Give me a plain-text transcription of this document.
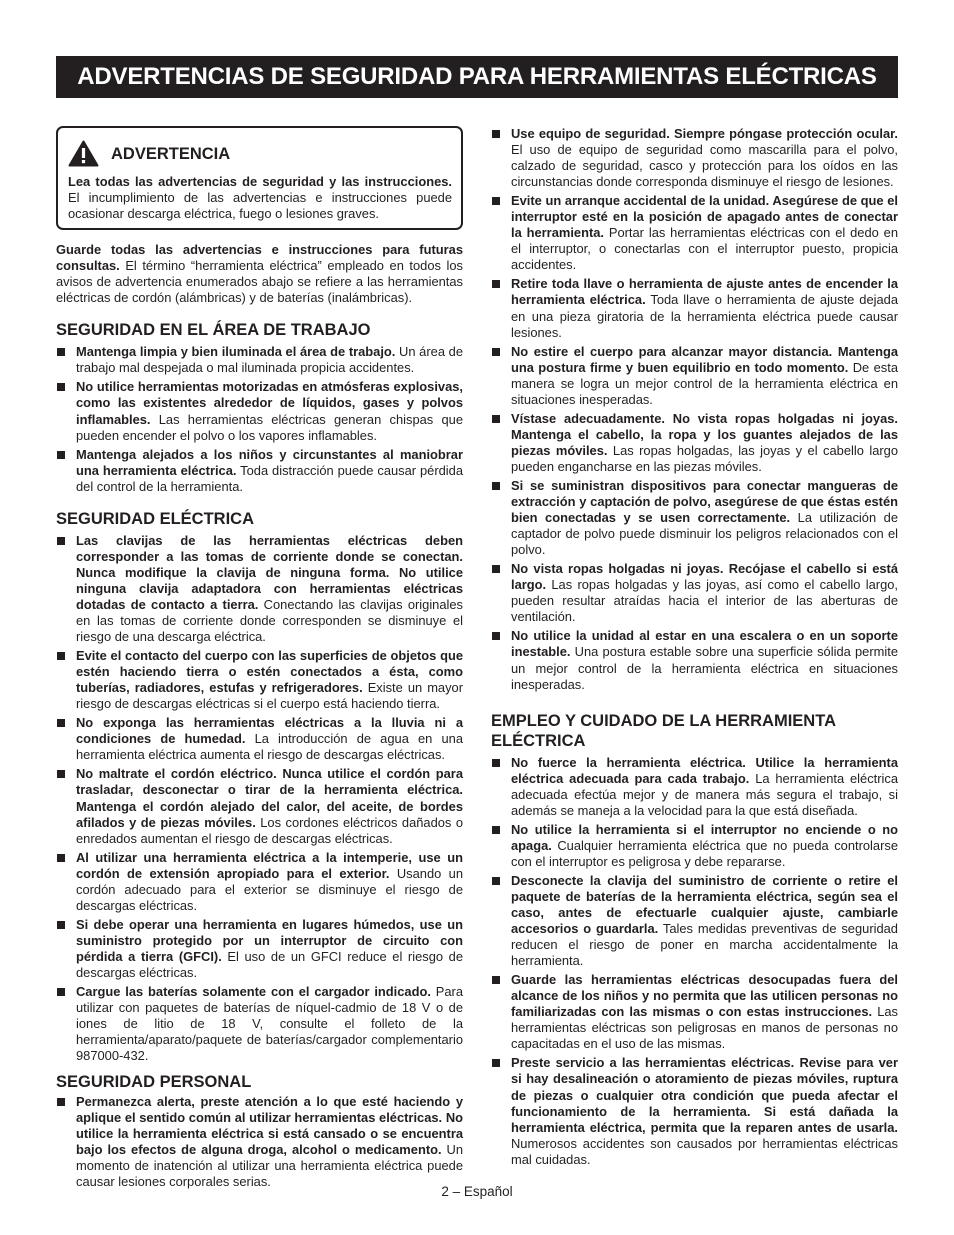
ADVERTENCIAS DE SEGURIDAD PARA HERRAMIENTAS ELÉCTRICAS
ADVERTENCIA

Lea todas las advertencias de seguridad y las instrucciones. El incumplimiento de las advertencias e instrucciones puede ocasionar descarga eléctrica, fuego o lesiones graves.

Guarde todas las advertencias e instrucciones para futuras consultas. El término “herramienta eléctrica” empleado en todos los avisos de advertencia enumerados abajo se refiere a las herramientas eléctricas de cordón (alámbricas) y de baterías (inalámbricas).

SEGURIDAD EN EL ÁREA DE TRABAJO
Mantenga limpia y bien iluminada el área de trabajo. Un área de trabajo mal despejada o mal iluminada propicia accidentes.
No utilice herramientas motorizadas en atmósferas explosivas, como las existentes alrededor de líquidos, gases y polvos inflamables. Las herramientas eléctricas generan chispas que pueden encender el polvo o los vapores inflamables.
Mantenga alejados a los niños y circunstantes al maniobrar una herramienta eléctrica. Toda distracción puede causar pérdida del control de la herramienta.
SEGURIDAD ELÉCTRICA
Las clavijas de las herramientas eléctricas deben corresponder a las tomas de corriente donde se conectan. Nunca modifique la clavija de ninguna forma. No utilice ninguna clavija adaptadora con herramientas eléctricas dotadas de contacto a tierra. Conectando las clavijas originales en las tomas de corriente donde corresponden se disminuye el riesgo de una descarga eléctrica.
Evite el contacto del cuerpo con las superficies de objetos que estén haciendo tierra o estén conectados a ésta, como tuberías, radiadores, estufas y refrigeradores. Existe un mayor riesgo de descargas eléctricas si el cuerpo está haciendo tierra.
No exponga las herramientas eléctricas a la lluvia ni a condiciones de humedad. La introducción de agua en una herramienta eléctrica aumenta el riesgo de descargas eléctricas.
No maltrate el cordón eléctrico. Nunca utilice el cordón para trasladar, desconectar o tirar de la herramienta eléctrica. Mantenga el cordón alejado del calor, del aceite, de bordes afilados y de piezas móviles. Los cordones eléctricos dañados o enredados aumentan el riesgo de descargas eléctricas.
Al utilizar una herramienta eléctrica a la intemperie, use un cordón de extensión apropiado para el exterior. Usando un cordón adecuado para el exterior se disminuye el riesgo de descargas eléctricas.
Si debe operar una herramienta en lugares húmedos, use un suministro protegido por un interruptor de circuito con pérdida a tierra (GFCI). El uso de un GFCI reduce el riesgo de descargas eléctricas.
Cargue las baterías solamente con el cargador indicado. Para utilizar con paquetes de baterías de níquel-cadmio de 18 V o de iones de litio de 18 V, consulte el folleto de la herramienta/aparato/paquete de baterías/cargador complementario 987000-432.
SEGURIDAD PERSONAL
Permanezca alerta, preste atención a lo que esté haciendo y aplique el sentido común al utilizar herramientas eléctricas. No utilice la herramienta eléctrica si está cansado o se encuentra bajo los efectos de alguna droga, alcohol o medicamento. Un momento de inatención al utilizar una herramienta eléctrica puede causar lesiones corporales serias.
Use equipo de seguridad. Siempre póngase protección ocular. El uso de equipo de seguridad como mascarilla para el polvo, calzado de seguridad, casco y protección para los oídos en las circunstancias donde corresponda disminuye el riesgo de lesiones.
Evite un arranque accidental de la unidad. Asegúrese de que el interruptor esté en la posición de apagado antes de conectar la herramienta. Portar las herramientas eléctricas con el dedo en el interruptor, o conectarlas con el interruptor puesto, propicia accidentes.
Retire toda llave o herramienta de ajuste antes de encender la herramienta eléctrica. Toda llave o herramienta de ajuste dejada en una pieza giratoria de la herramienta eléctrica puede causar lesiones.
No estire el cuerpo para alcanzar mayor distancia. Mantenga una postura firme y buen equilibrio en todo momento. De esta manera se logra un mejor control de la herramienta eléctrica en situaciones inesperadas.
Vístase adecuadamente. No vista ropas holgadas ni joyas. Mantenga el cabello, la ropa y los guantes alejados de las piezas móviles. Las ropas holgadas, las joyas y el cabello largo pueden engancharse en las piezas móviles.
Si se suministran dispositivos para conectar mangueras de extracción y captación de polvo, asegúrese de que éstas estén bien conectadas y se usen correctamente. La utilización de captador de polvo puede disminuir los peligros relacionados con el polvo.
No vista ropas holgadas ni joyas. Recójase el cabello si está largo. Las ropas holgadas y las joyas, así como el cabello largo, pueden resultar atraídas hacia el interior de las aberturas de ventilación.
No utilice la unidad al estar en una escalera o en un soporte inestable. Una postura estable sobre una superficie sólida permite un mejor control de la herramienta eléctrica en situaciones inesperadas.
EMPLEO Y CUIDADO DE LA HERRAMIENTA ELÉCTRICA
No fuerce la herramienta eléctrica. Utilice la herramienta eléctrica adecuada para cada trabajo. La herramienta eléctrica adecuada efectúa mejor y de manera más segura el trabajo, si además se maneja a la velocidad para la que está diseñada.
No utilice la herramienta si el interruptor no enciende o no apaga. Cualquier herramienta eléctrica que no pueda controlarse con el interruptor es peligrosa y debe repararse.
Desconecte la clavija del suministro de corriente o retire el paquete de baterías de la herramienta eléctrica, según sea el caso, antes de efectuarle cualquier ajuste, cambiarle accesorios o guardarla. Tales medidas preventivas de seguridad reducen el riesgo de poner en marcha accidentalmente la herramienta.
Guarde las herramientas eléctricas desocupadas fuera del alcance de los niños y no permita que las utilicen personas no familiarizadas con las mismas o con estas instrucciones. Las herramientas eléctricas son peligrosas en manos de personas no capacitadas en el uso de las mismas.
Preste servicio a las herramientas eléctricas. Revise para ver si hay desalineación o atoramiento de piezas móviles, ruptura de piezas o cualquier otra condición que pueda afectar el funcionamiento de la herramienta. Si está dañada la herramienta eléctrica, permita que la reparen antes de usarla. Numerosos accidentes son causados por herramientas eléctricas mal cuidadas.
2 – Español
